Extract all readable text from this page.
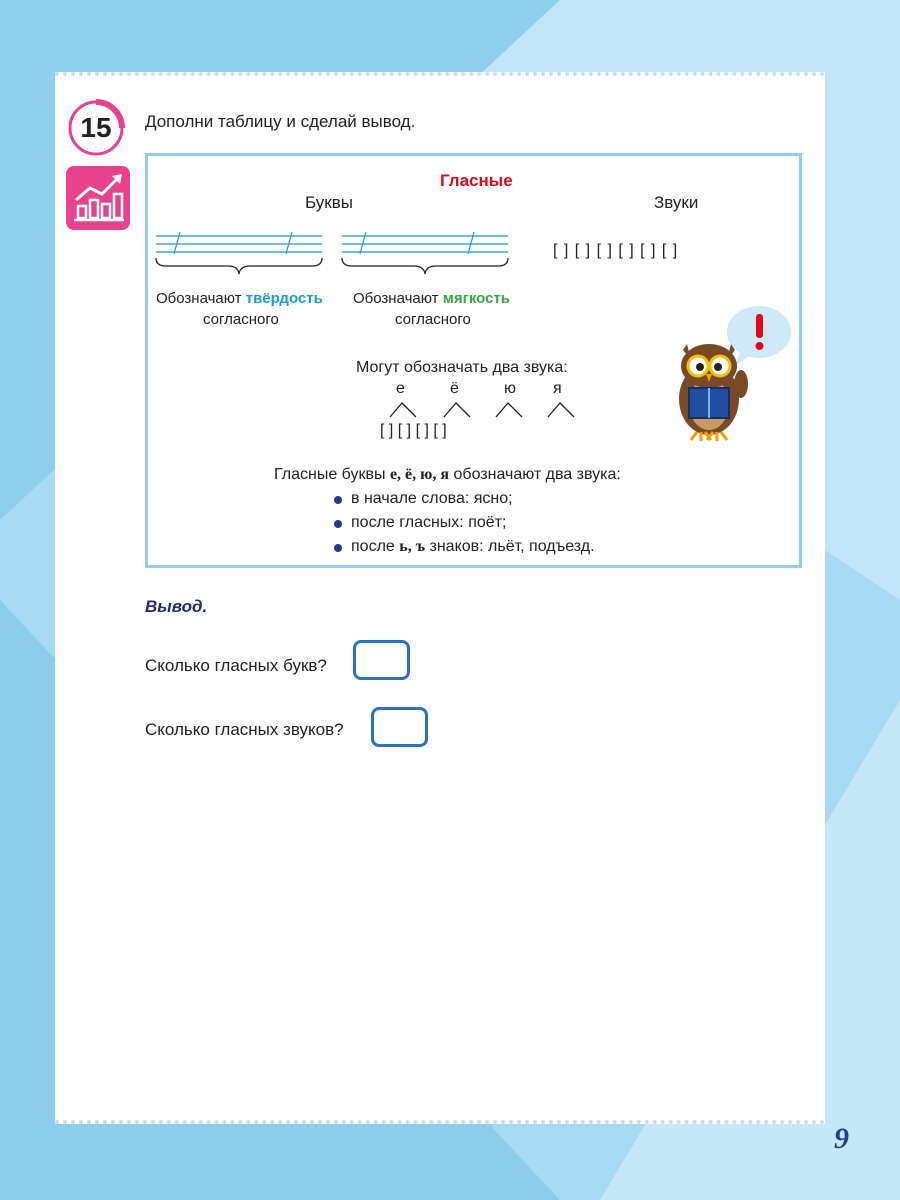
15	Дополни таблицу и сделай вывод.
Гласные
Буквы	Звуки
[ ] [ ] [ ] [ ] [ ] [ ]
Обозначают твёрдость
согласного
Обозначают мягкость
согласного
Могут обозначать два звука:
е	ё	ю я
[ ] [ ] [ ] [ ]
Гласные буквы е, ё, ю, я обозначают два звука:
в начале слова: ясно;
после гласных: поёт;
после ь, ъ знаков: льёт, подъезд.
Вывод.
Сколько гласных букв?
Сколько гласных звуков?
9
